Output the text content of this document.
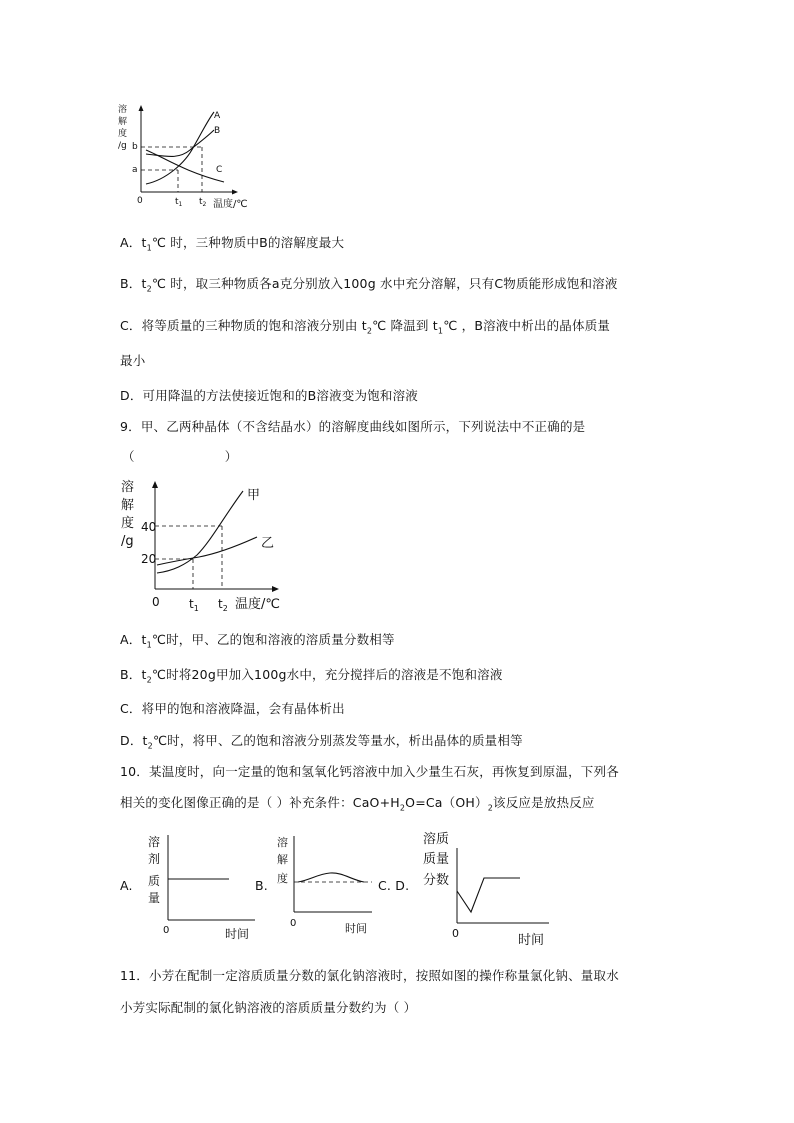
溶
解
度
/g b
a
0	$t_1$ $t_2$ 温度/℃
A
B
C
A．$t_1℃$ 时，三种物质中B的溶解度最大
B．$t_2℃$ 时，取三种物质各a克分别放入100g 水中充分溶解，只有C物质能形成饱和溶液
C．将等质量的三种物质的饱和溶液分别由 $t_2℃$ 降温到 $t_1℃$ ，B溶液中析出的晶体质量
最小
D．可用降温的方法使接近饱和的B溶液变为饱和溶液
9．甲、乙两种晶体（不含结晶水）的溶解度曲线如图所示，下列说法中不正确的是
（	）
溶
解
度
/g
40
20
0 $t_1$ $t_2$ 温度/℃
甲
乙
A．$t_1℃$时，甲、乙的饱和溶液的溶质量分数相等
B．$t_2℃$时将20g甲加入100g水中，充分搅拌后的溶液是不饱和溶液
C．将甲的饱和溶液降温，会有晶体析出
D．$t_2℃$时，将甲、乙的饱和溶液分别蒸发等量水，析出晶体的质量相等
10．某温度时，向一定量的饱和氢氧化钙溶液中加入少量生石灰，再恢复到原温，下列各
相关的变化图像正确的是（ ）补充条件：$CaO+H_2O=Ca(OH)_2$该反应是放热反应
A.
溶
剂
质
量
0	时间
B.
溶
解
度
0	时间
C. D.
溶质
质量
分数
0	时间
11．小芳在配制一定溶质质量分数的氯化钠溶液时，按照如图的操作称量氯化钠、量取水
小芳实际配制的氯化钠溶液的溶质质量分数约为（ ）
